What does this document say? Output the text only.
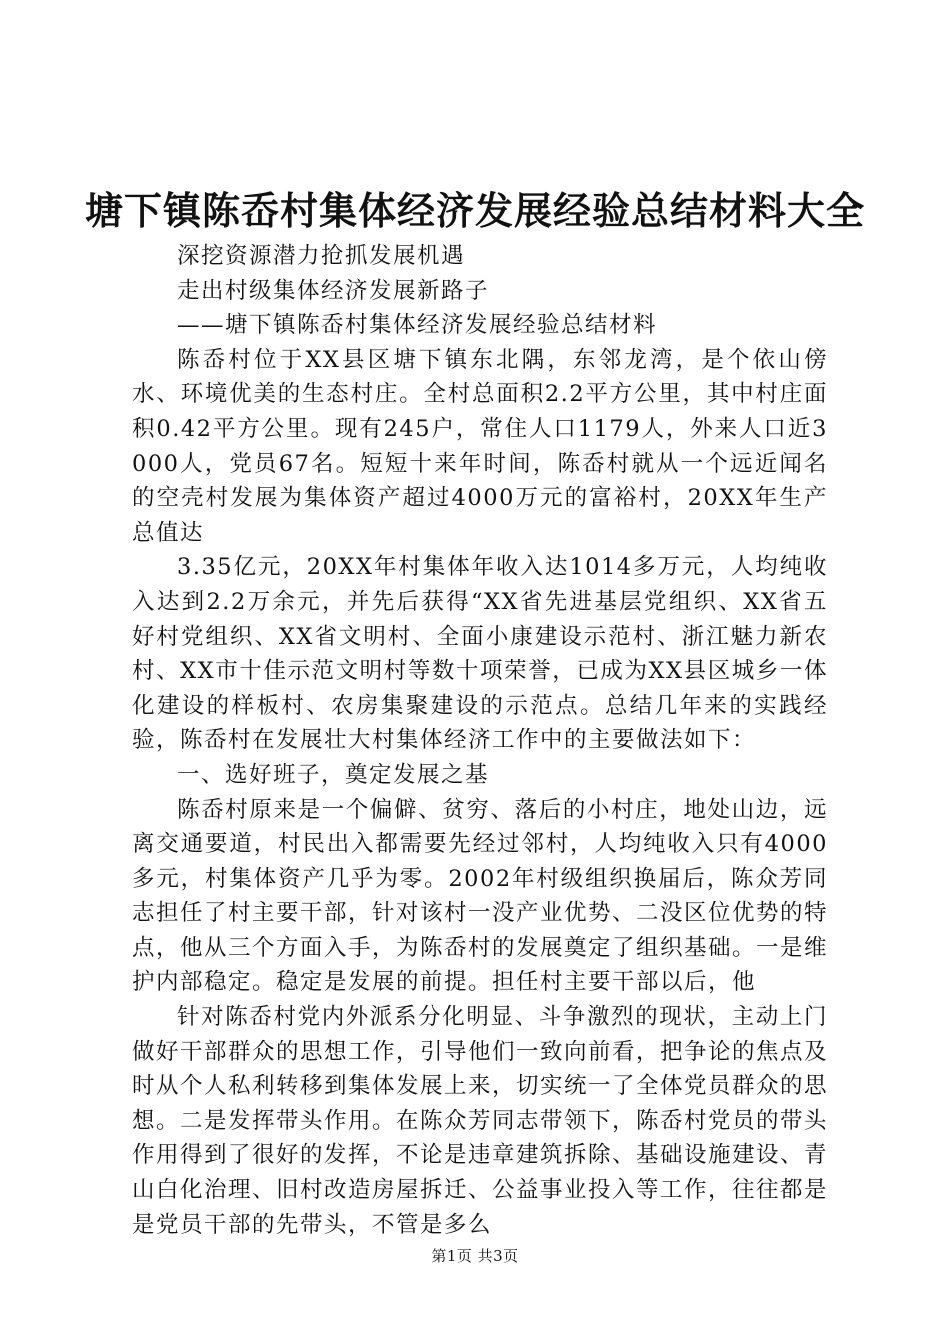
塘下镇陈岙村集体经济发展经验总结材料大全

深挖资源潜力抢抓发展机遇

走出村级集体经济发展新路子

——塘下镇陈岙村集体经济发展经验总结材料

陈岙村位于XX县区塘下镇东北隅，东邻龙湾，是个依山傍水、环境优美的生态村庄。全村总面积2.2平方公里，其中村庄面积0.42平方公里。现有245户，常住人口1179人，外来人口近3000人，党员67名。短短十来年时间，陈岙村就从一个远近闻名的空壳村发展为集体资产超过4000万元的富裕村，20XX年生产总值达

3.35亿元，20XX年村集体年收入达1014多万元，人均纯收入达到2.2万余元，并先后获得“XX省先进基层党组织、XX省五好村党组织、XX省文明村、全面小康建设示范村、浙江魅力新农村、XX市十佳示范文明村等数十项荣誉，已成为XX县区城乡一体化建设的样板村、农房集聚建设的示范点。总结几年来的实践经验，陈岙村在发展壮大村集体经济工作中的主要做法如下：

一、选好班子，奠定发展之基

陈岙村原来是一个偏僻、贫穷、落后的小村庄，地处山边，远离交通要道，村民出入都需要先经过邻村，人均纯收入只有4000多元，村集体资产几乎为零。2002年村级组织换届后，陈众芳同志担任了村主要干部，针对该村一没产业优势、二没区位优势的特点，他从三个方面入手，为陈岙村的发展奠定了组织基础。一是维护内部稳定。稳定是发展的前提。担任村主要干部以后，他

针对陈岙村党内外派系分化明显、斗争激烈的现状，主动上门做好干部群众的思想工作，引导他们一致向前看，把争论的焦点及时从个人私利转移到集体发展上来，切实统一了全体党员群众的思想。二是发挥带头作用。在陈众芳同志带领下，陈岙村党员的带头作用得到了很好的发挥，不论是违章建筑拆除、基础设施建设、青山白化治理、旧村改造房屋拆迁、公益事业投入等工作，往往都是是党员干部的先带头，不管是多么

第1页 共3页
